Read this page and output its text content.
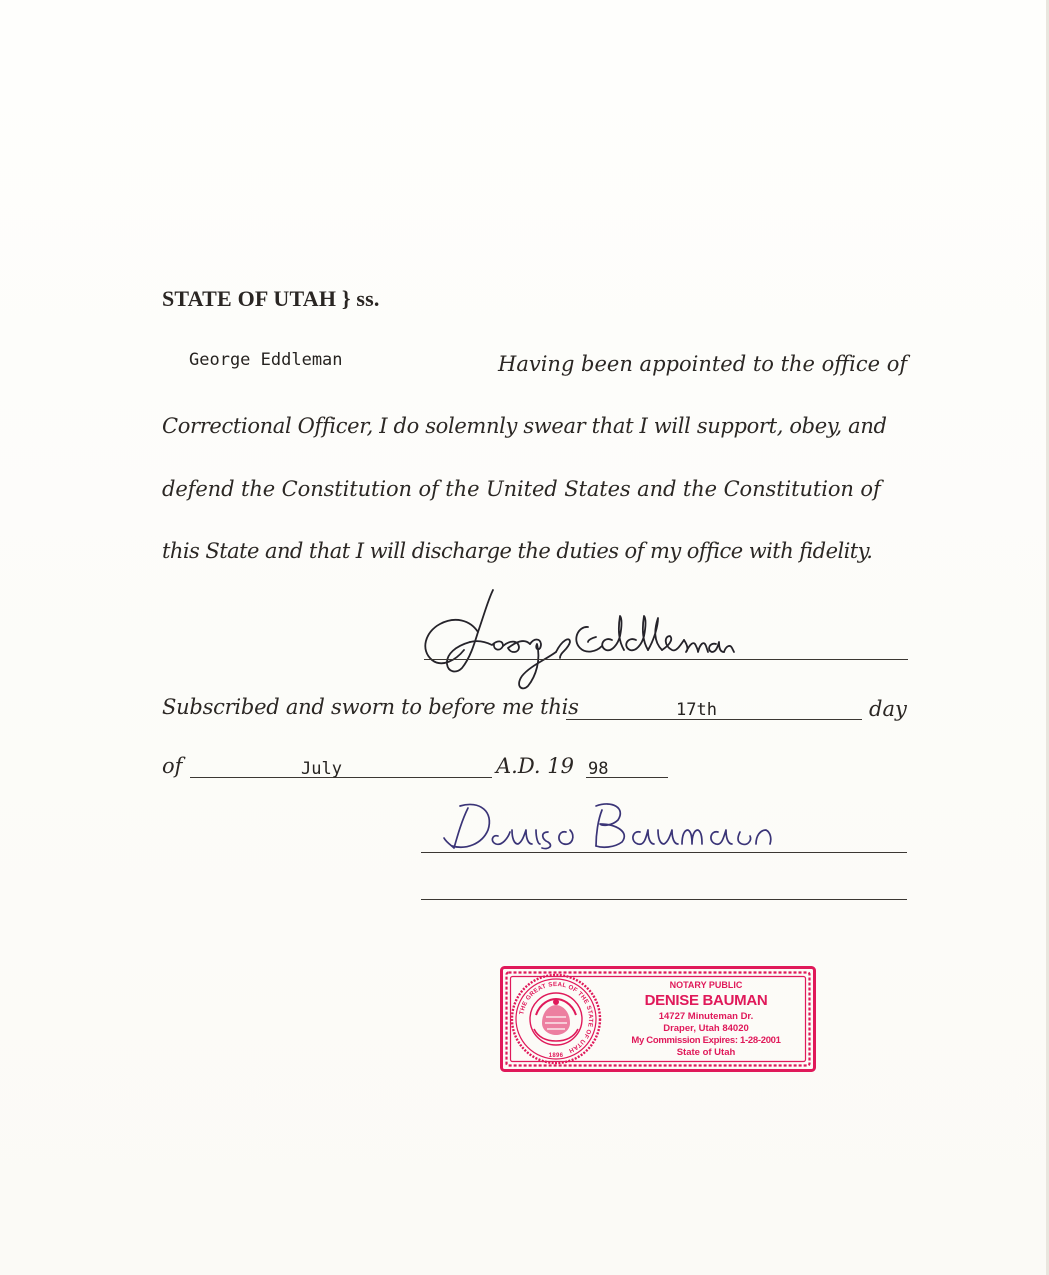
STATE OF UTAH } ss.
George Eddleman	Having been appointed to the office of
Correctional Officer, I do solemnly swear that I will support, obey, and
defend the Constitution of the United States and the Constitution of
this State and that I will discharge the duties of my office with fidelity.
Subscribed and sworn to before me this	17th	day
of	July	A.D. 19 98
THE GREAT SEAL OF THE STATE OF UTAH
1896
NOTARY PUBLIC
DENISE BAUMAN
14727 Minuteman Dr.
Draper, Utah 84020
My Commission Expires: 1-28-2001
State of Utah
